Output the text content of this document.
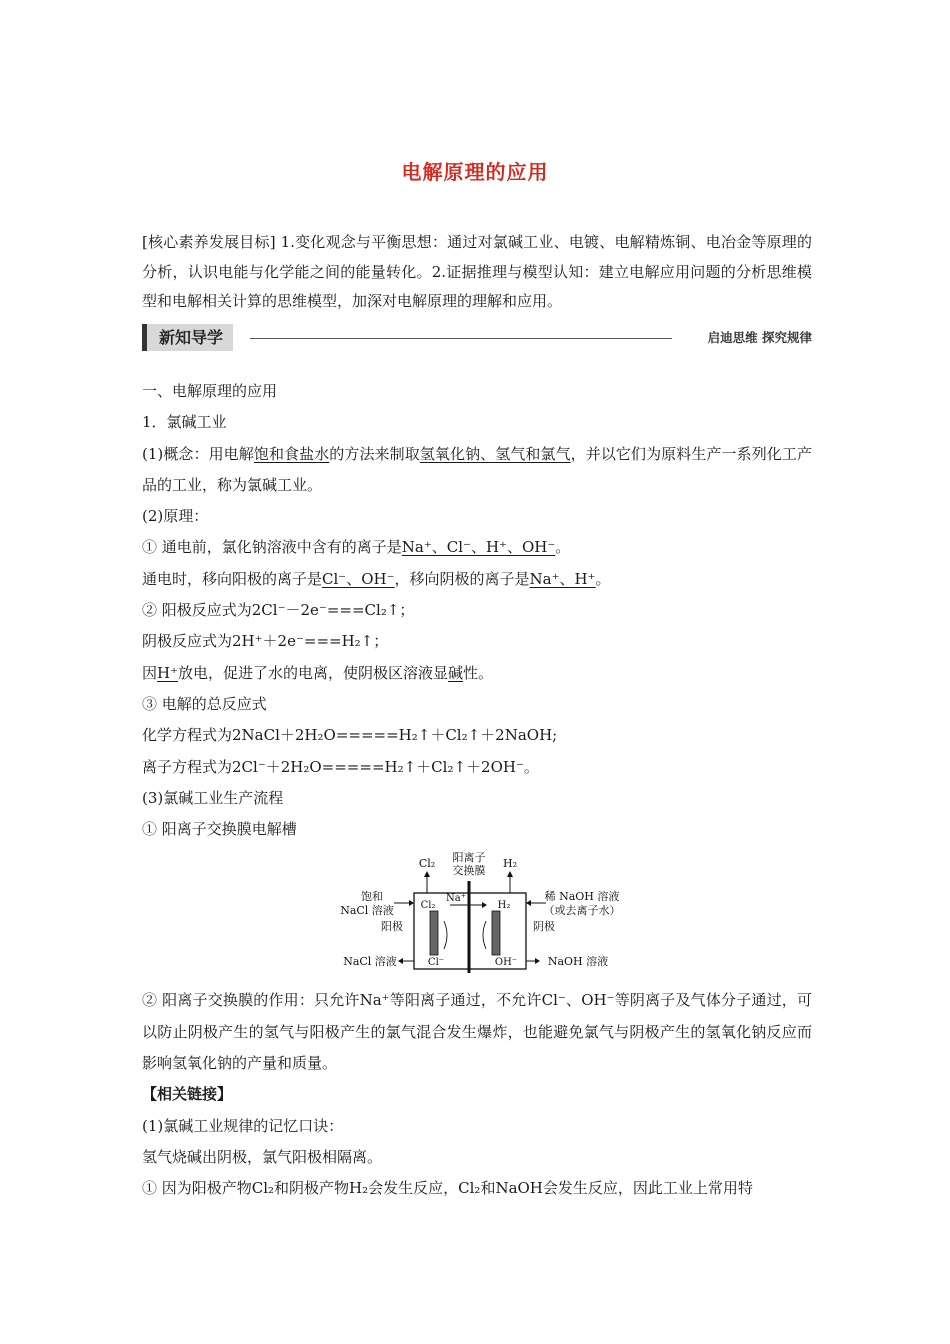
电解原理的应用
[核心素养发展目标] 1.变化观念与平衡思想：通过对氯碱工业、电镀、电解精炼铜、电冶金等原理的分析，认识电能与化学能之间的能量转化。2.证据推理与模型认知：建立电解应用问题的分析思维模型和电解相关计算的思维模型，加深对电解原理的理解和应用。
新知导学	启迪思维 探究规律

一、电解原理的应用

1．氯碱工业

(1)概念：用电解饱和食盐水的方法来制取氢氧化钠、氢气和氯气，并以它们为原料生产一系列化工产品的工业，称为氯碱工业。

(2)原理：

① 通电前，氯化钠溶液中含有的离子是Na⁺、Cl⁻、H⁺、OH⁻。

通电时，移向阳极的离子是Cl⁻、OH⁻，移向阴极的离子是Na⁺、H⁺。

② 阳极反应式为2Cl⁻－2e⁻===Cl₂↑；

阴极反应式为2H⁺＋2e⁻===H₂↑；

因H⁺放电，促进了水的电离，使阴极区溶液显碱性。

③ 电解的总反应式

化学方程式为2NaCl＋2H₂O=====H₂↑＋Cl₂↑＋2NaOH;

离子方程式为2Cl⁻＋2H₂O=====H₂↑＋Cl₂↑＋2OH⁻。

(3)氯碱工业生产流程

① 阳离子交换膜电解槽

阳离子
交换膜
Cl₂	H₂
饱和
NaCl 溶液
阳极
Cl₂
Na⁺
H₂
稀 NaOH 溶液
（或去离子水）
阴极
NaCl 溶液	Cl⁻	OH⁻	NaOH 溶液

② 阳离子交换膜的作用：只允许Na⁺等阳离子通过，不允许Cl⁻、OH⁻等阴离子及气体分子通过，可以防止阴极产生的氢气与阳极产生的氯气混合发生爆炸，也能避免氯气与阴极产生的氢氧化钠反应而影响氢氧化钠的产量和质量。

【相关链接】

(1)氯碱工业规律的记忆口诀：

氢气烧碱出阴极，氯气阳极相隔离。

① 因为阳极产物Cl₂和阴极产物H₂会发生反应，Cl₂和NaOH会发生反应，因此工业上常用特
